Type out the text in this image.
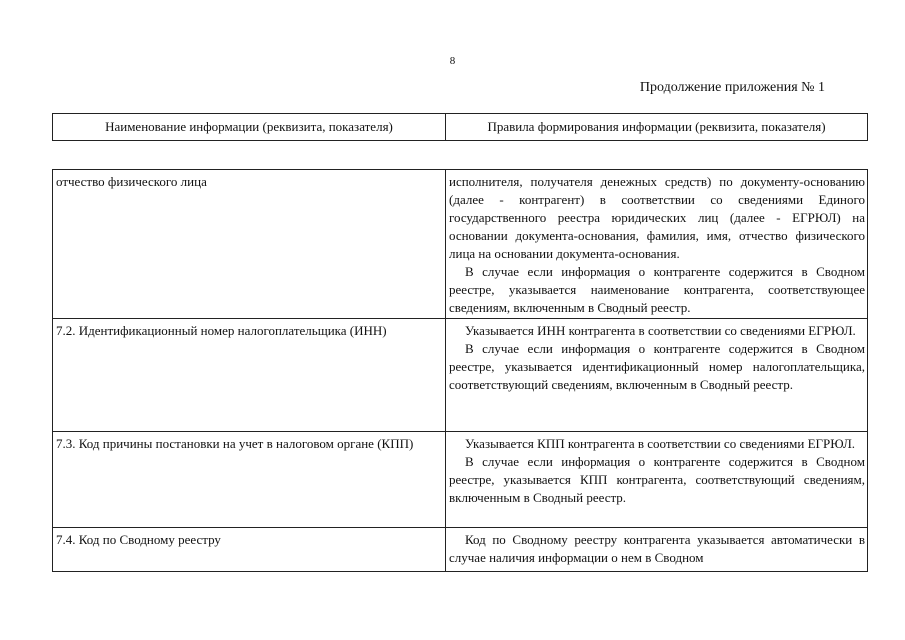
8
Продолжение приложения № 1
Наименование информации (реквизита, показателя)	Правила формирования информации (реквизита, показателя)
отчество физического лица	исполнителя, получателя денежных средств) по документу-основанию (далее - контрагент) в соответствии со сведениями Единого государственного реестра юридических лиц (далее - ЕГРЮЛ) на основании документа-основания, фамилия, имя, отчество физического лица на основании документа-основания.

В случае если информация о контрагенте содержится в Сводном реестре, указывается наименование контрагента, соответствующее сведениям, включенным в Сводный реестр.

7.2. Идентификационный номер налогоплательщика (ИНН)	Указывается ИНН контрагента в соответствии со сведениями ЕГРЮЛ.

В случае если информация о контрагенте содержится в Сводном реестре, указывается идентификационный номер налогоплательщика, соответствующий сведениям, включенным в Сводный реестр.

7.3. Код причины постановки на учет в налоговом органе (КПП)	Указывается КПП контрагента в соответствии со сведениями ЕГРЮЛ.

В случае если информация о контрагенте содержится в Сводном реестре, указывается КПП контрагента, соответствующий сведениям, включенным в Сводный реестр.

7.4. Код по Сводному реестру	Код по Сводному реестру контрагента указывается автоматически в случае наличия информации о нем в Сводном
